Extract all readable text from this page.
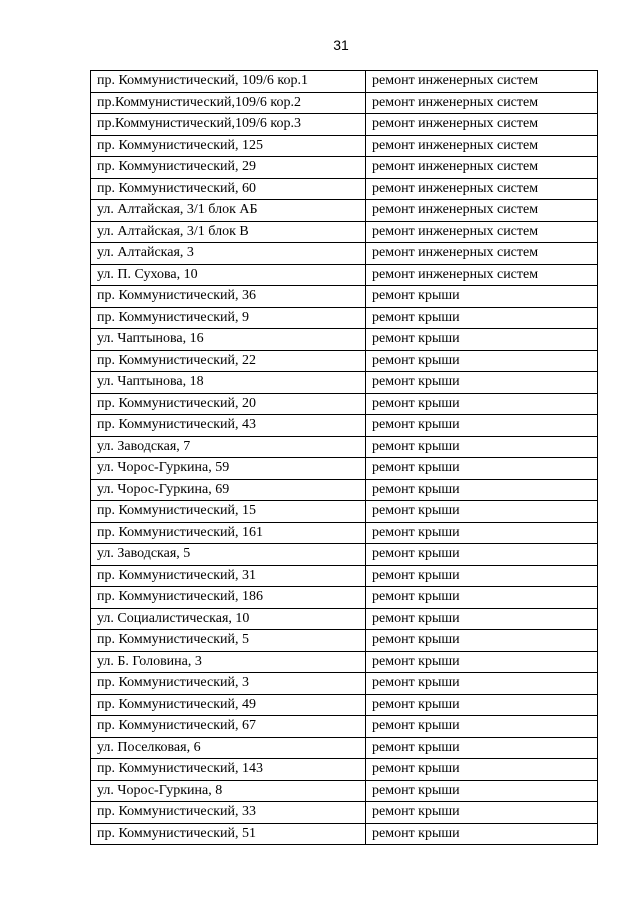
31
пр. Коммунистический, 109/6 кор.1	ремонт инженерных систем
пр.Коммунистический,109/6 кор.2	ремонт инженерных систем
пр.Коммунистический,109/6 кор.3	ремонт инженерных систем
пр. Коммунистический, 125	ремонт инженерных систем
пр. Коммунистический, 29	ремонт инженерных систем
пр. Коммунистический, 60	ремонт инженерных систем
ул. Алтайская, 3/1 блок АБ	ремонт инженерных систем
ул. Алтайская, 3/1 блок В	ремонт инженерных систем
ул. Алтайская, 3	ремонт инженерных систем
ул. П. Сухова, 10	ремонт инженерных систем
пр. Коммунистический, 36	ремонт крыши
пр. Коммунистический, 9	ремонт крыши
ул. Чаптынова, 16	ремонт крыши
пр. Коммунистический, 22	ремонт крыши
ул. Чаптынова, 18	ремонт крыши
пр. Коммунистический, 20	ремонт крыши
пр. Коммунистический, 43	ремонт крыши
ул. Заводская, 7	ремонт крыши
ул. Чорос-Гуркина, 59	ремонт крыши
ул. Чорос-Гуркина, 69	ремонт крыши
пр. Коммунистический, 15	ремонт крыши
пр. Коммунистический, 161	ремонт крыши
ул. Заводская, 5	ремонт крыши
пр. Коммунистический, 31	ремонт крыши
пр. Коммунистический, 186	ремонт крыши
ул. Социалистическая, 10	ремонт крыши
пр. Коммунистический, 5	ремонт крыши
ул. Б. Головина, 3	ремонт крыши
пр. Коммунистический, 3	ремонт крыши
пр. Коммунистический, 49	ремонт крыши
пр. Коммунистический, 67	ремонт крыши
ул. Поселковая, 6	ремонт крыши
пр. Коммунистический, 143	ремонт крыши
ул. Чорос-Гуркина, 8	ремонт крыши
пр. Коммунистический, 33	ремонт крыши
пр. Коммунистический, 51	ремонт крыши
